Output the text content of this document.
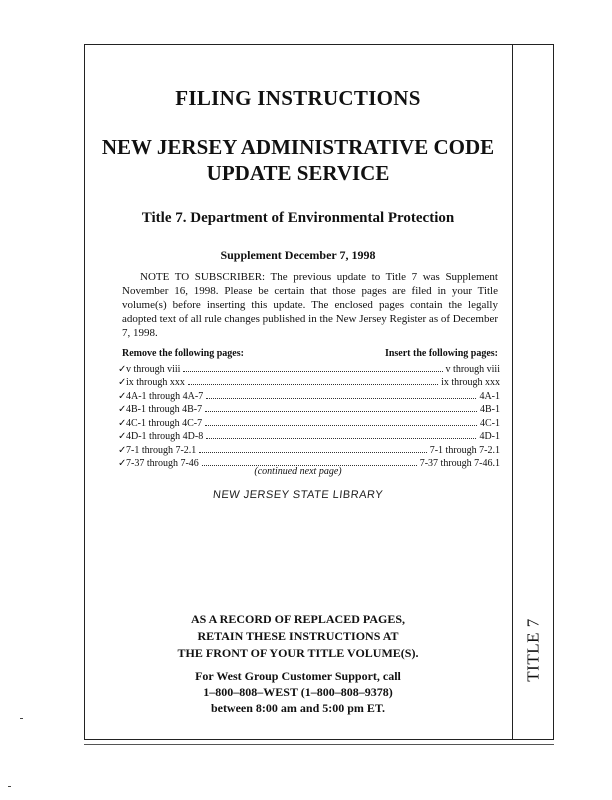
TITLE 7
FILING INSTRUCTIONS
NEW JERSEY ADMINISTRATIVE CODE
UPDATE SERVICE
Title 7. Department of Environmental Protection
Supplement December 7, 1998
NOTE TO SUBSCRIBER: The previous update to Title 7 was Supplement November 16, 1998. Please be certain that those pages are filed in your Title volume(s) before inserting this update. The enclosed pages contain the legally adopted text of all rule changes published in the New Jersey Register as of December 7, 1998.
Remove the following pages:	Insert the following pages:
✓ v through viii	v through viii
✓ ix through xxx	ix through xxx
✓ 4A-1 through 4A-7	4A-1
✓ 4B-1 through 4B-7	4B-1
✓ 4C-1 through 4C-7	4C-1
✓ 4D-1 through 4D-8	4D-1
✓ 7-1 through 7-2.1	7-1 through 7-2.1
✓ 7-37 through 7-46	7-37 through 7-46.1
(continued next page)
NEW JERSEY STATE LIBRARY
AS A RECORD OF REPLACED PAGES,
RETAIN THESE INSTRUCTIONS AT
THE FRONT OF YOUR TITLE VOLUME(S).
For West Group Customer Support, call
1–800–808–WEST (1–800–808–9378)
between 8:00 am and 5:00 pm ET.
